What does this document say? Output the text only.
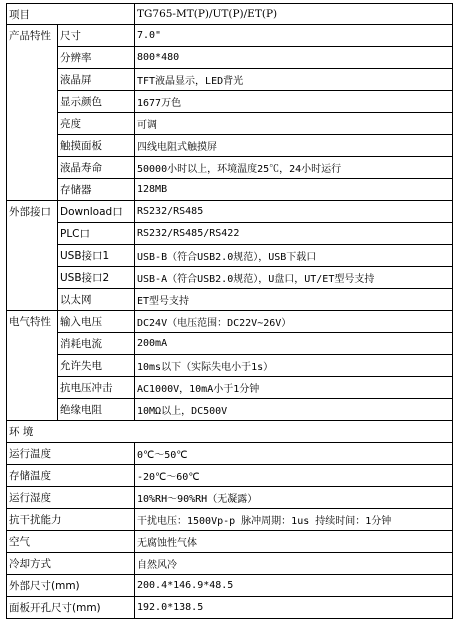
项目		TG765-MT(P)/UT(P)/ET(P)
产品特性	尺寸	7.0"
	分辨率	800*480
	液晶屏	TFT液晶显示，LED背光
	显示颜色	1677万色
	亮度	可调
	触摸面板	四线电阻式触摸屏
	液晶寿命	50000小时以上，环境温度25℃，24小时运行
	存储器	128MB
外部接口	Download口	RS232/RS485
	PLC口	RS232/RS485/RS422
	USB接口1	USB-B（符合USB2.0规范），USB下载口
	USB接口2	USB-A（符合USB2.0规范），U盘口，UT/ET型号支持
	以太网	ET型号支持
电气特性	输入电压	DC24V（电压范围：DC22V~26V）
	消耗电流	200mA
	允许失电	10ms以下（实际失电小于1s）
	抗电压冲击	AC1000V，10mA小于1分钟
	绝缘电阻	10MΩ以上，DC500V
环 境		
运行温度		0℃～50℃
存储温度		-20℃～60℃
运行湿度		10%RH～90%RH（无凝露）
抗干扰能力		干扰电压：1500Vp-p 脉冲周期：1us 持续时间：1分钟
空气		无腐蚀性气体
冷却方式		自然风冷
外部尺寸(mm)		200.4*146.9*48.5
面板开孔尺寸(mm)		192.0*138.5
